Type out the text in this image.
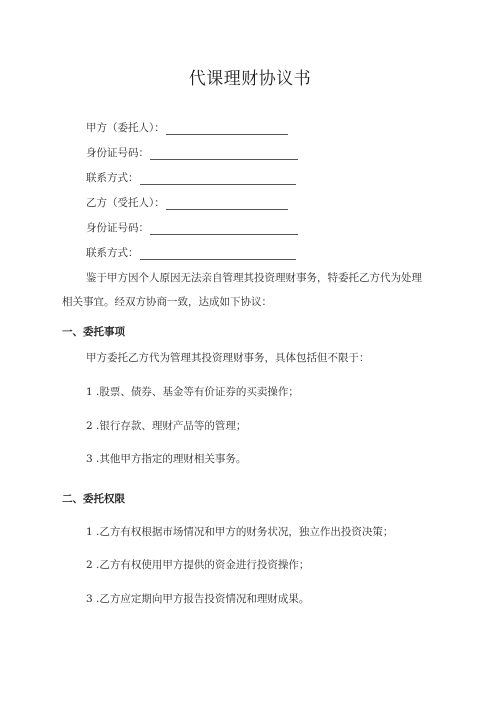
代课理财协议书
甲方（委托人）：
身份证号码：
联系方式：
乙方（受托人）：
身份证号码：
联系方式：
鉴于甲方因个人原因无法亲自管理其投资理财事务，特委托乙方代为处理
相关事宜。经双方协商一致，达成如下协议：
一、委托事项
甲方委托乙方代为管理其投资理财事务，具体包括但不限于：
1 .股票、债券、基金等有价证券的买卖操作；
2 .银行存款、理财产品等的管理；
3 .其他甲方指定的理财相关事务。
二、委托权限
1 .乙方有权根据市场情况和甲方的财务状况，独立作出投资决策；
2 .乙方有权使用甲方提供的资金进行投资操作；
3 .乙方应定期向甲方报告投资情况和理财成果。
